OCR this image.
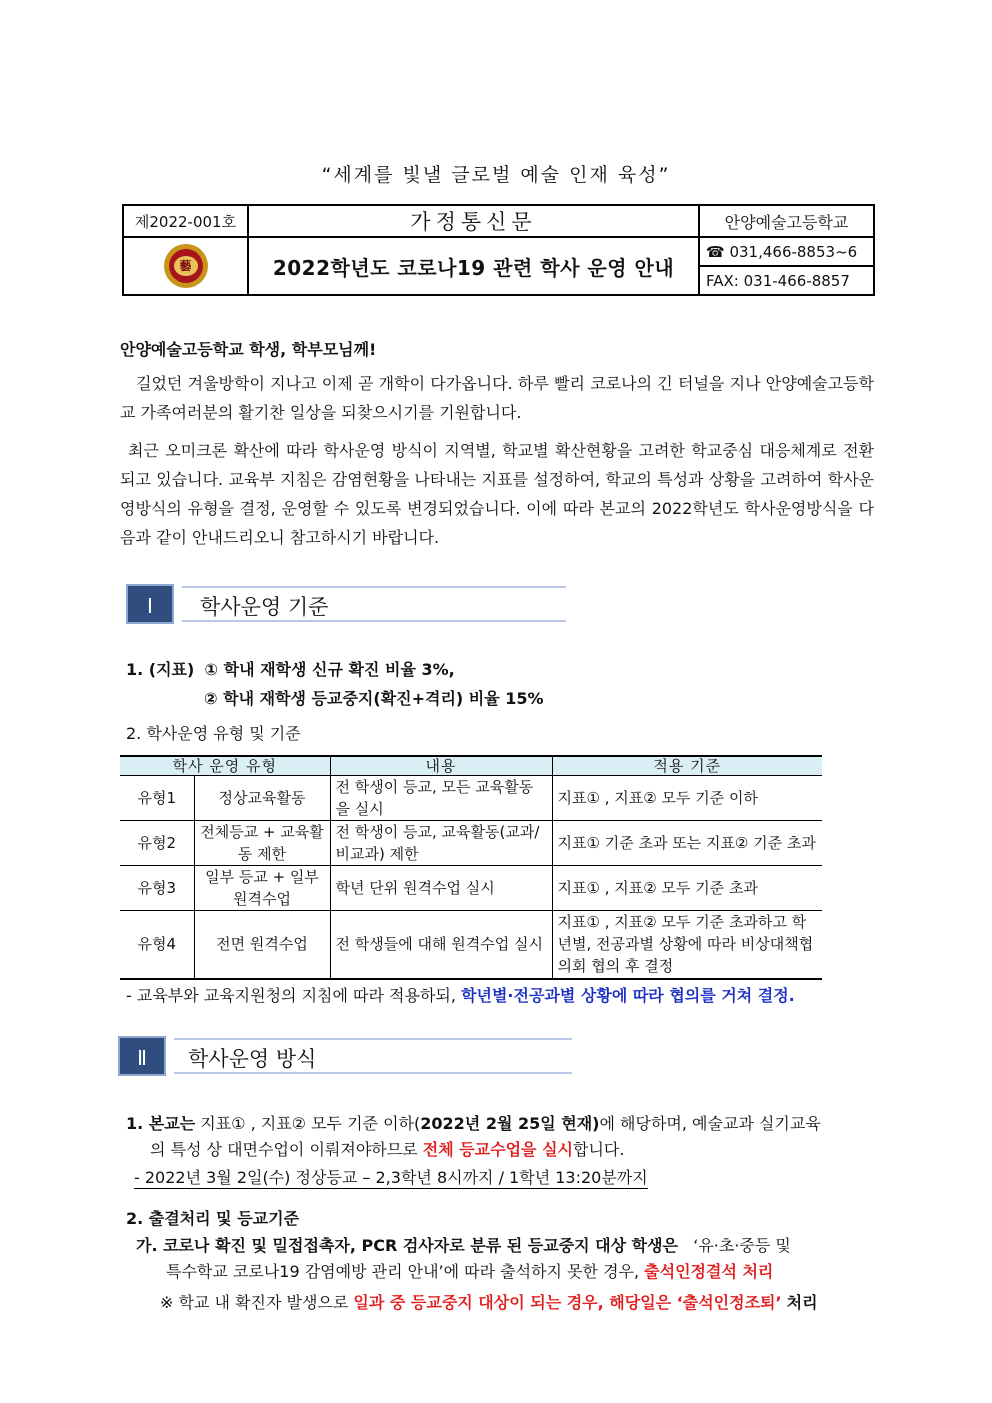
“세계를 빛낼 글로벌 예술 인재 육성”
제2022-001호	가정통신문	안양예술고등학교

藝	2022학년도 코로나19 관련 학사 운영 안내	☎ 031,466-8853~6
		FAX: 031-466-8857
안양예술고등학교 학생, 학부모님께!
길었던 겨울방학이 지나고 이제 곧 개학이 다가옵니다. 하루 빨리 코로나의 긴 터널을 지나 안양예술고등학교 가족여러분의 활기찬 일상을 되찾으시기를 기원합니다.
최근 오미크론 확산에 따라 학사운영 방식이 지역별, 학교별 확산현황을 고려한 학교중심 대응체계로 전환되고 있습니다. 교육부 지침은 감염현황을 나타내는 지표를 설정하여, 학교의 특성과 상황을 고려하여 학사운영방식의 유형을 결정, 운영할 수 있도록 변경되었습니다. 이에 따라 본교의 2022학년도 학사운영방식을 다음과 같이 안내드리오니 참고하시기 바랍니다.
Ⅰ	학사운영 기준
1. (지표) ① 학내 재학생 신규 확진 비율 3%,
② 학내 재학생 등교중지(확진+격리) 비율 15%
2. 학사운영 유형 및 기준
학사 운영 유형		내용	적용 기준
유형1	정상교육활동	전 학생이 등교, 모든 교육활동을 실시	지표① , 지표② 모두 기준 이하
유형2	전체등교 + 교육활동 제한	전 학생이 등교, 교육활동(교과/비교과) 제한	지표① 기준 초과 또는 지표② 기준 초과
유형3	일부 등교 + 일부 원격수업	학년 단위 원격수업 실시	지표① , 지표② 모두 기준 초과
유형4	전면 원격수업	전 학생들에 대해 원격수업 실시	지표① , 지표② 모두 기준 초과하고 학년별, 전공과별 상황에 따라 비상대책협의회 협의 후 결정
- 교육부와 교육지원청의 지침에 따라 적용하되, 학년별·전공과별 상황에 따라 협의를 거쳐 결정.
Ⅱ	학사운영 방식
1. 본교는 지표① , 지표② 모두 기준 이하(2022년 2월 25일 현재)에 해당하며, 예술교과 실기교육
의 특성 상 대면수업이 이뤄져야하므로 전체 등교수업을 실시합니다.
- 2022년 3월 2일(수) 정상등교 – 2,3학년 8시까지 / 1학년 13:20분까지
2. 출결처리 및 등교기준
가. 코로나 확진 및 밀접접촉자, PCR 검사자로 분류 된 등교중지 대상 학생은 ‘유·초·중등 및
특수학교 코로나19 감염예방 관리 안내’에 따라 출석하지 못한 경우, 출석인정결석 처리
※ 학교 내 확진자 발생으로 일과 중 등교중지 대상이 되는 경우, 해당일은 ‘출석인정조퇴’ 처리
